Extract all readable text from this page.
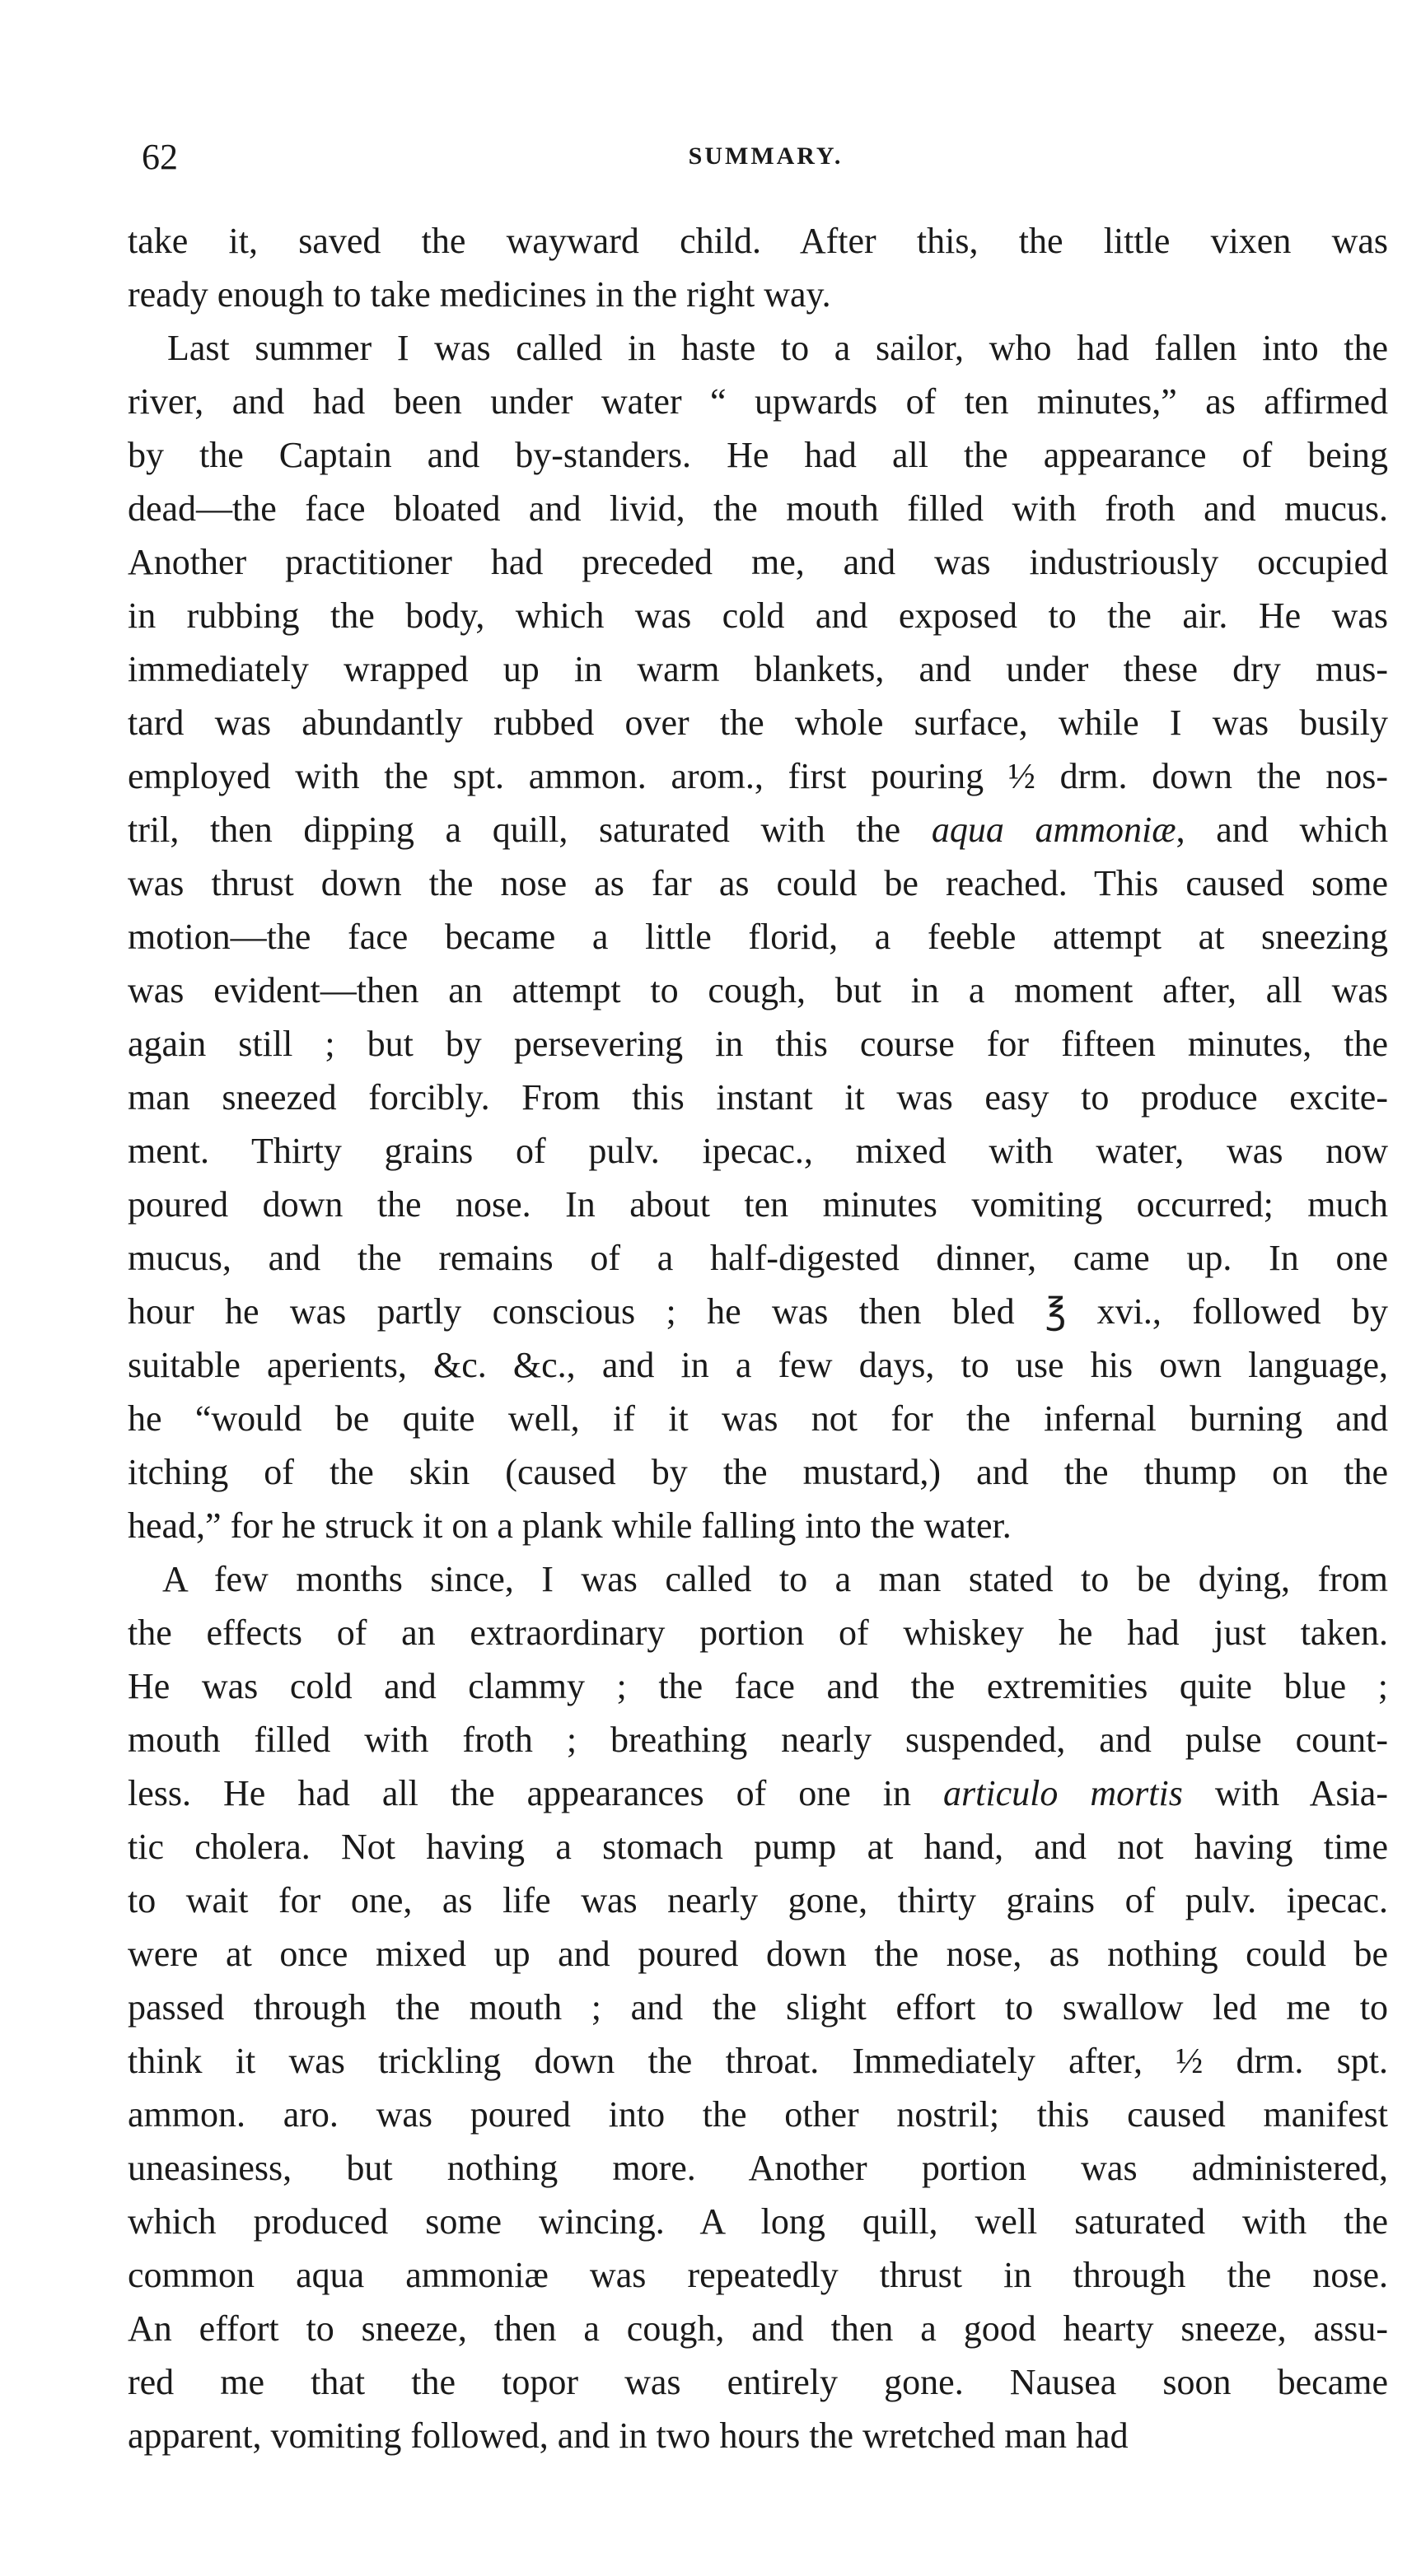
62	SUMMARY.

take it, saved the wayward child. After this, the little vixen was
ready enough to take medicines in the right way.

Last summer I was called in haste to a sailor, who had fallen into the
river, and had been under water “ upwards of ten minutes,” as affirmed
by the Captain and by-standers. He had all the appearance of being
dead—the face bloated and livid, the mouth filled with froth and mucus.
Another practitioner had preceded me, and was industriously occupied
in rubbing the body, which was cold and exposed to the air. He was
immediately wrapped up in warm blankets, and under these dry mus-
tard was abundantly rubbed over the whole surface, while I was busily
employed with the spt. ammon. arom., first pouring ½ drm. down the nos-
tril, then dipping a quill, saturated with the aqua ammoniæ, and which
was thrust down the nose as far as could be reached. This caused some
motion—the face became a little florid, a feeble attempt at sneezing
was evident—then an attempt to cough, but in a moment after, all was
again still ; but by persevering in this course for fifteen minutes, the
man sneezed forcibly. From this instant it was easy to produce excite-
ment. Thirty grains of pulv. ipecac., mixed with water, was now
poured down the nose. In about ten minutes vomiting occurred; much
mucus, and the remains of a half-digested dinner, came up. In one
hour he was partly conscious ; he was then bled ℥ xvi., followed by
suitable aperients, &c. &c., and in a few days, to use his own language,
he “would be quite well, if it was not for the infernal burning and
itching of the skin (caused by the mustard,) and the thump on the
head,” for he struck it on a plank while falling into the water.

A few months since, I was called to a man stated to be dying, from
the effects of an extraordinary portion of whiskey he had just taken.
He was cold and clammy ; the face and the extremities quite blue ;
mouth filled with froth ; breathing nearly suspended, and pulse count-
less. He had all the appearances of one in articulo mortis with Asia-
tic cholera. Not having a stomach pump at hand, and not having time
to wait for one, as life was nearly gone, thirty grains of pulv. ipecac.
were at once mixed up and poured down the nose, as nothing could be
passed through the mouth ; and the slight effort to swallow led me to
think it was trickling down the throat. Immediately after, ½ drm. spt.
ammon. aro. was poured into the other nostril; this caused manifest
uneasiness, but nothing more. Another portion was administered,
which produced some wincing. A long quill, well saturated with the
common aqua ammoniæ was repeatedly thrust in through the nose.
An effort to sneeze, then a cough, and then a good hearty sneeze, assu-
red me that the topor was entirely gone. Nausea soon became
apparent, vomiting followed, and in two hours the wretched man had
